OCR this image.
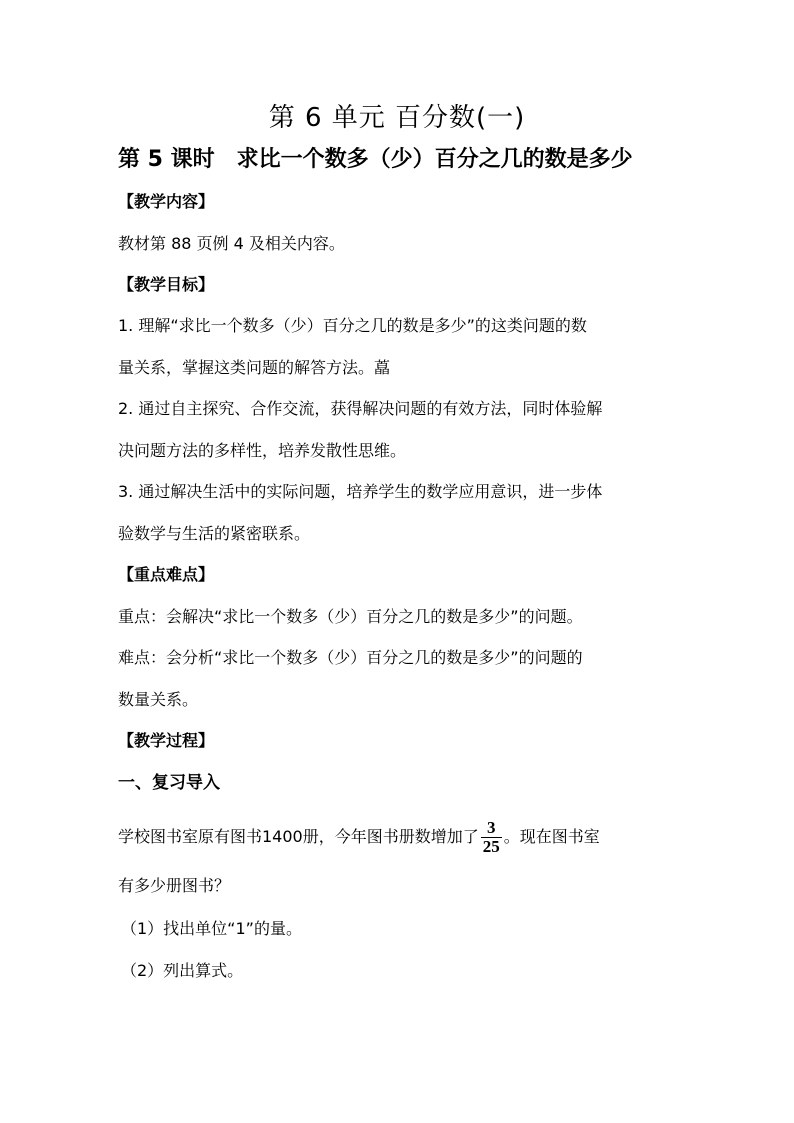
第 6 单元 百分数(一)
第 5 课时 求比一个数多（少）百分之几的数是多少
【教学内容】
教材第 88 页例 4 及相关内容。
【教学目标】
1. 理解“求比一个数多（少）百分之几的数是多少”的这类问题的数
量关系，掌握这类问题的解答方法。藠
2. 通过自主探究、合作交流，获得解决问题的有效方法，同时体验解
决问题方法的多样性，培养发散性思维。
3. 通过解决生活中的实际问题，培养学生的数学应用意识，进一步体
验数学与生活的紧密联系。
【重点难点】
重点：会解决“求比一个数多（少）百分之几的数是多少”的问题。
难点：会分析“求比一个数多（少）百分之几的数是多少”的问题的
数量关系。
【教学过程】
一、复习导入
学校图书室原有图书1400册，今年图书册数增加了 $\frac{3}{25}$ 。现在图书室
有多少册图书？
（1）找出单位“1”的量。
（2）列出算式。
